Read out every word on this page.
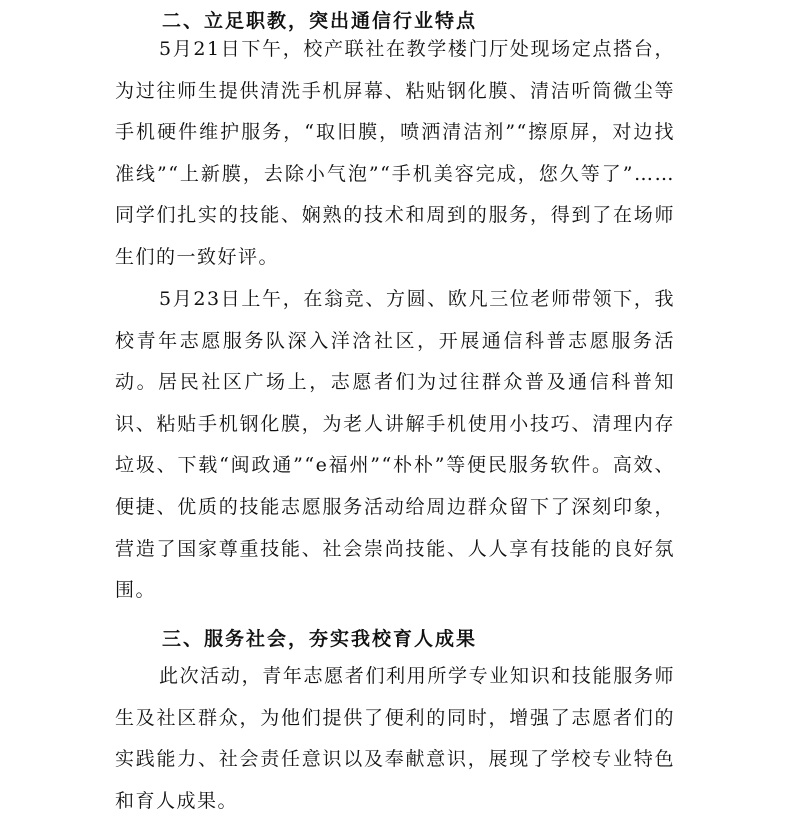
二、立足职教，突出通信行业特点

5月21日下午，校产联社在教学楼门厅处现场定点搭台，为过往师生提供清洗手机屏幕、粘贴钢化膜、清洁听筒微尘等手机硬件维护服务，“取旧膜，喷洒清洁剂”“擦原屏，对边找准线”“上新膜，去除小气泡”“手机美容完成，您久等了”……同学们扎实的技能、娴熟的技术和周到的服务，得到了在场师生们的一致好评。

5月23日上午，在翁竞、方圆、欧凡三位老师带领下，我校青年志愿服务队深入洋浛社区，开展通信科普志愿服务活动。居民社区广场上，志愿者们为过往群众普及通信科普知识、粘贴手机钢化膜，为老人讲解手机使用小技巧、清理内存垃圾、下载“闽政通”“e福州”“朴朴”等便民服务软件。高效、便捷、优质的技能志愿服务活动给周边群众留下了深刻印象，营造了国家尊重技能、社会崇尚技能、人人享有技能的良好氛围。

三、服务社会，夯实我校育人成果

此次活动，青年志愿者们利用所学专业知识和技能服务师生及社区群众，为他们提供了便利的同时，增强了志愿者们的实践能力、社会责任意识以及奉献意识，展现了学校专业特色和育人成果。
